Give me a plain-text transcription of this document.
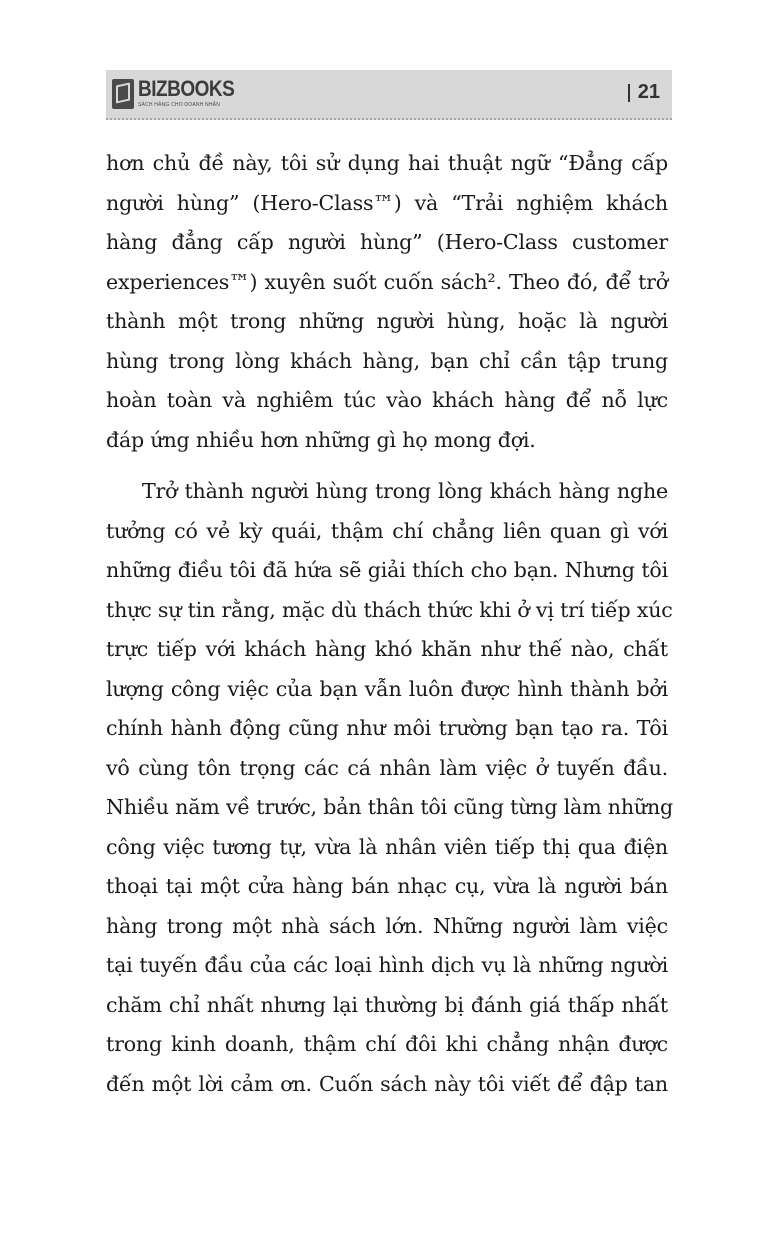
BIZBOOKS
SÁCH HÀNG CHO DOANH NHÂN
21
hơn chủ đề này, tôi sử dụng hai thuật ngữ “Đẳng cấp
người hùng” (Hero-Class™) và “Trải nghiệm khách
hàng đẳng cấp người hùng” (Hero-Class customer
experiences™) xuyên suốt cuốn sách². Theo đó, để trở
thành một trong những người hùng, hoặc là người
hùng trong lòng khách hàng, bạn chỉ cần tập trung
hoàn toàn và nghiêm túc vào khách hàng để nỗ lực
đáp ứng nhiều hơn những gì họ mong đợi.
Trở thành người hùng trong lòng khách hàng nghe
tưởng có vẻ kỳ quái, thậm chí chẳng liên quan gì với
những điều tôi đã hứa sẽ giải thích cho bạn. Nhưng tôi
thực sự tin rằng, mặc dù thách thức khi ở vị trí tiếp xúc
trực tiếp với khách hàng khó khăn như thế nào, chất
lượng công việc của bạn vẫn luôn được hình thành bởi
chính hành động cũng như môi trường bạn tạo ra. Tôi
vô cùng tôn trọng các cá nhân làm việc ở tuyến đầu.
Nhiều năm về trước, bản thân tôi cũng từng làm những
công việc tương tự, vừa là nhân viên tiếp thị qua điện
thoại tại một cửa hàng bán nhạc cụ, vừa là người bán
hàng trong một nhà sách lớn. Những người làm việc
tại tuyến đầu của các loại hình dịch vụ là những người
chăm chỉ nhất nhưng lại thường bị đánh giá thấp nhất
trong kinh doanh, thậm chí đôi khi chẳng nhận được
đến một lời cảm ơn. Cuốn sách này tôi viết để đập tan
